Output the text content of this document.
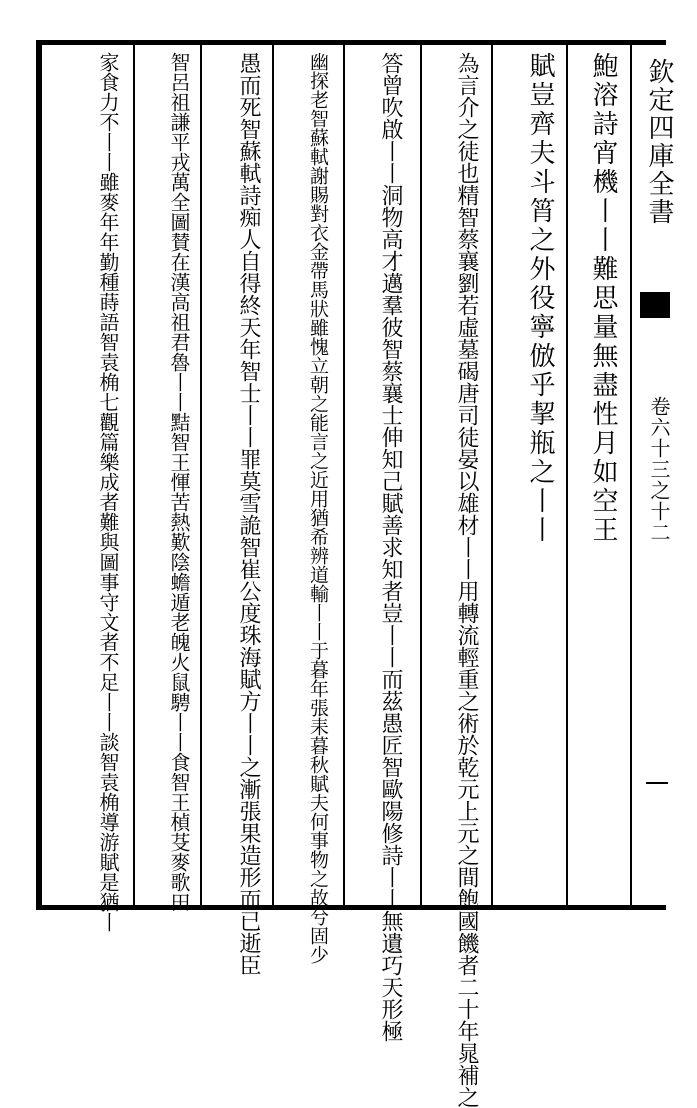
欽定四庫全書
卷六十三之十二
鮑溶詩宵機丨丨難思量無盡性月如空王
賦豈齊夫斗筲之外役寧倣乎挈瓶之丨丨
為言介之徒也精智蔡襄劉若虛墓碣唐司徒晏以雄材丨丨用轉流輕重之術於乾元上元之間飽國饑者二十年晁補之
答曾吹啟丨丨洞物高才邁羣彼智蔡襄士伸知己賦善求知者豈丨丨而茲愚匠智歐陽修詩丨丨無遺巧天形極
幽探老智蘇軾謝賜對衣金帶馬狀雖愧立朝之能言之近用猶希辨道輸丨丨于暮年張耒暮秋賦夫何事物之故兮固少
愚而死智蘇軾詩痴人自得終天年智士丨丨罪莫雪詭智崔公度珠海賦方丨丨之漸張果造形而已逝臣
智呂祖謙平戎萬全圖賛在漢高祖君魯丨丨黠智王惲苦熱歎陰蟾遁老魄火鼠騁丨丨食智王楨芟麥歌田
家食力不丨丨雖麥年年勤種蒔語智袁桷七觀篇樂成者難與圖事守文者不足丨丨談智袁桷導游賦是猶丨
